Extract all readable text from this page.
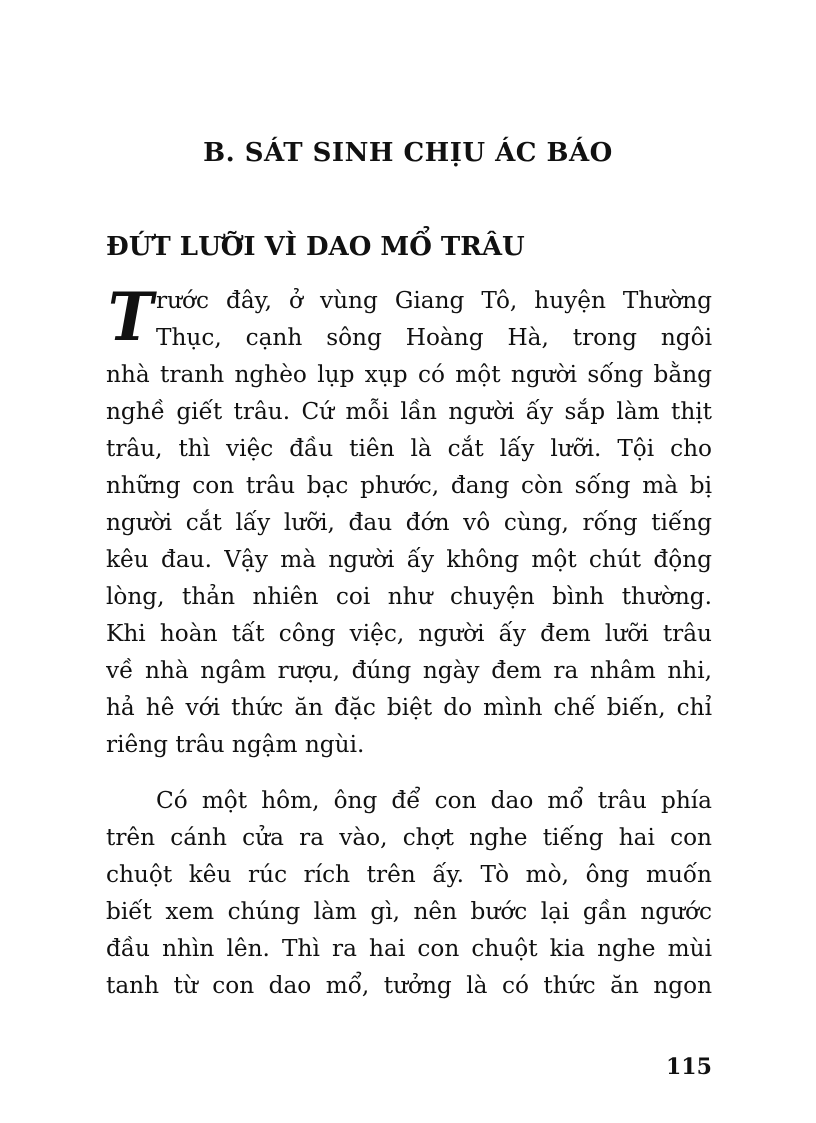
B. SÁT SINH CHỊU ÁC BÁO
ĐỨT LƯỠI VÌ DAO MỔ TRÂU
T rước đây, ở vùng Giang Tô, huyện Thường
Thục, cạnh sông Hoàng Hà, trong ngôi
nhà tranh nghèo lụp xụp có một người sống bằng
nghề giết trâu. Cứ mỗi lần người ấy sắp làm thịt
trâu, thì việc đầu tiên là cắt lấy lưỡi. Tội cho
những con trâu bạc phước, đang còn sống mà bị
người cắt lấy lưỡi, đau đớn vô cùng, rống tiếng
kêu đau. Vậy mà người ấy không một chút động
lòng, thản nhiên coi như chuyện bình thường.
Khi hoàn tất công việc, người ấy đem lưỡi trâu
về nhà ngâm rượu, đúng ngày đem ra nhâm nhi,
hả hê với thức ăn đặc biệt do mình chế biến, chỉ
riêng trâu ngậm ngùi.
Có một hôm, ông để con dao mổ trâu phía
trên cánh cửa ra vào, chợt nghe tiếng hai con
chuột kêu rúc rích trên ấy. Tò mò, ông muốn
biết xem chúng làm gì, nên bước lại gần ngước
đầu nhìn lên. Thì ra hai con chuột kia nghe mùi
tanh từ con dao mổ, tưởng là có thức ăn ngon
115
